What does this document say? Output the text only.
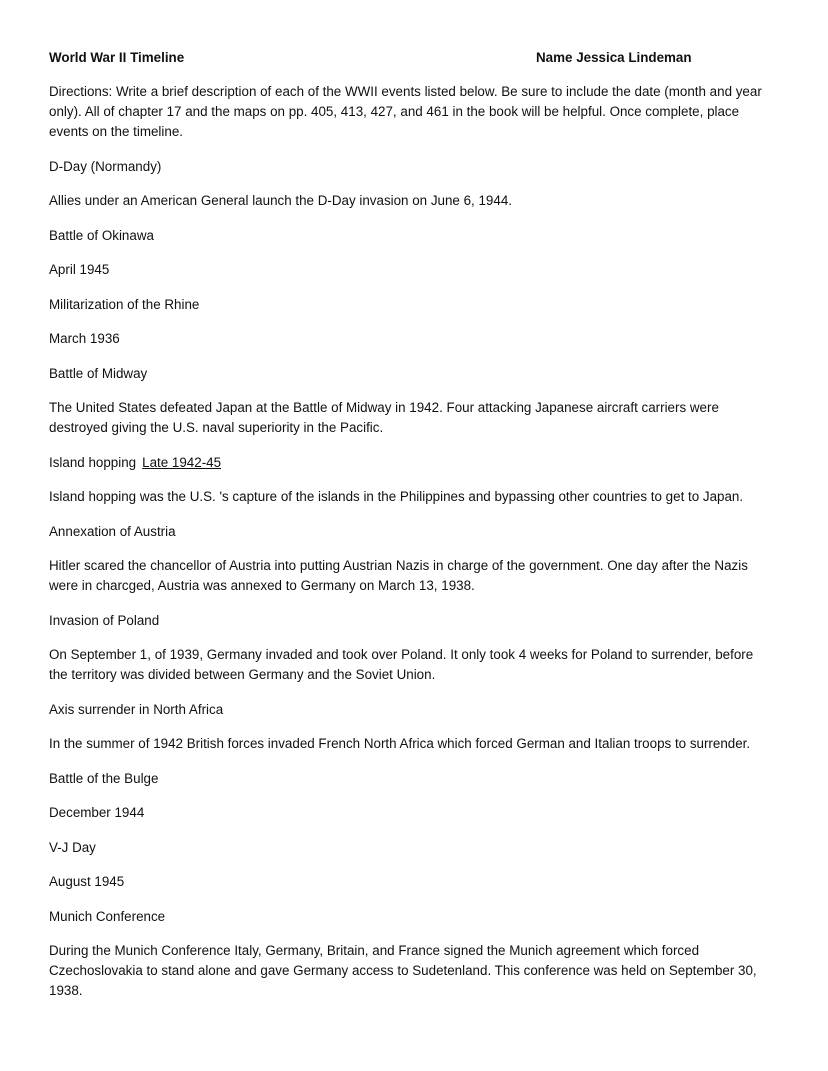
World War II Timeline	Name Jessica Lindeman

Directions: Write a brief description of each of the WWII events listed below. Be sure to include the date (month and year only). All of chapter 17 and the maps on pp. 405, 413, 427, and 461 in the book will be helpful. Once complete, place events on the timeline.

D-Day (Normandy)

Allies under an American General launch the D-Day invasion on June 6, 1944.

Battle of Okinawa

April 1945

Militarization of the Rhine

March 1936

Battle of Midway

The United States defeated Japan at the Battle of Midway in 1942. Four attacking Japanese aircraft carriers were destroyed giving the U.S. naval superiority in the Pacific.

Island hopping Late 1942-45

Island hopping was the U.S. 's capture of the islands in the Philippines and bypassing other countries to get to Japan.

Annexation of Austria

Hitler scared the chancellor of Austria into putting Austrian Nazis in charge of the government. One day after the Nazis were in charcged, Austria was annexed to Germany on March 13, 1938.

Invasion of Poland

On September 1, of 1939, Germany invaded and took over Poland. It only took 4 weeks for Poland to surrender, before the territory was divided between Germany and the Soviet Union.

Axis surrender in North Africa

In the summer of 1942 British forces invaded French North Africa which forced German and Italian troops to surrender.

Battle of the Bulge

December 1944

V-J Day

August 1945

Munich Conference

During the Munich Conference Italy, Germany, Britain, and France signed the Munich agreement which forced Czechoslovakia to stand alone and gave Germany access to Sudetenland. This conference was held on September 30, 1938.
